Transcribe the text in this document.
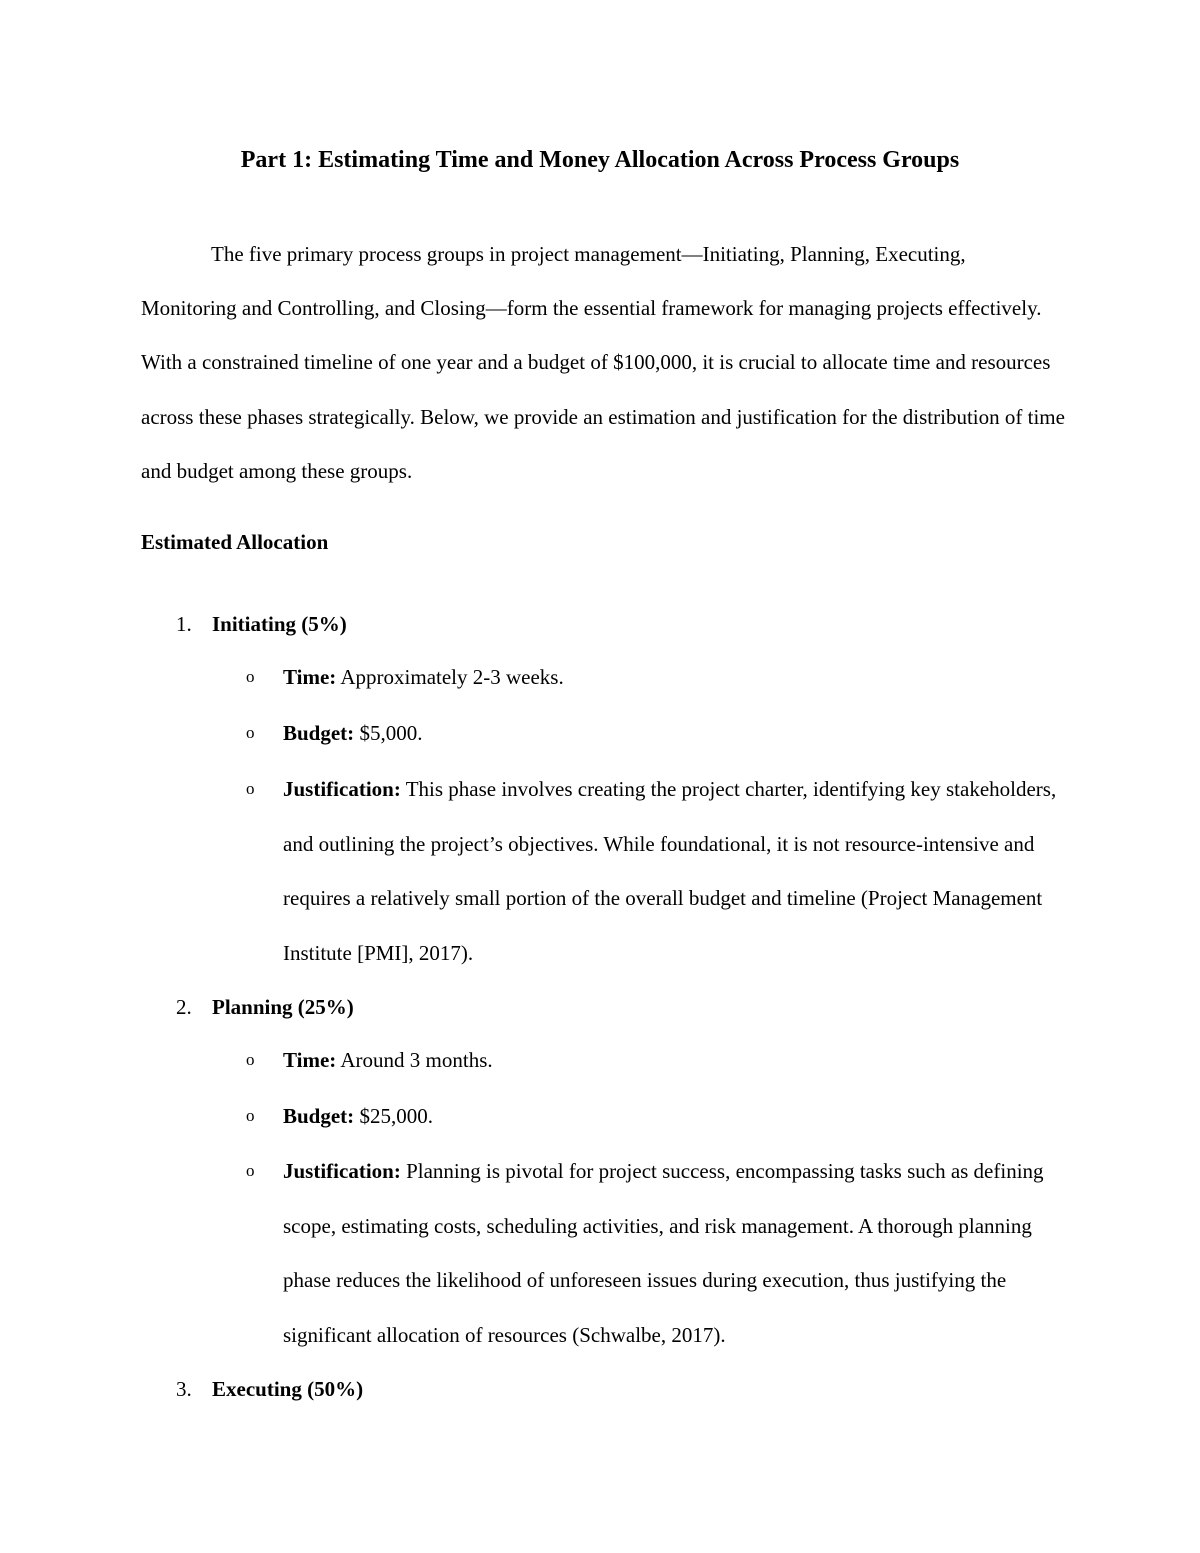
Part 1: Estimating Time and Money Allocation Across Process Groups

The five primary process groups in project management—Initiating, Planning, Executing, Monitoring and Controlling, and Closing—form the essential framework for managing projects effectively. With a constrained timeline of one year and a budget of $100,000, it is crucial to allocate time and resources across these phases strategically. Below, we provide an estimation and justification for the distribution of time and budget among these groups.

Estimated Allocation
1. Initiating (5%)
o Time: Approximately 2-3 weeks.
o Budget: $5,000.
o Justification: This phase involves creating the project charter, identifying key stakeholders, and outlining the project’s objectives. While foundational, it is not resource-intensive and requires a relatively small portion of the overall budget and timeline (Project Management Institute [PMI], 2017).
2. Planning (25%)
o Time: Around 3 months.
o Budget: $25,000.
o Justification: Planning is pivotal for project success, encompassing tasks such as defining scope, estimating costs, scheduling activities, and risk management. A thorough planning phase reduces the likelihood of unforeseen issues during execution, thus justifying the significant allocation of resources (Schwalbe, 2017).
3. Executing (50%)
